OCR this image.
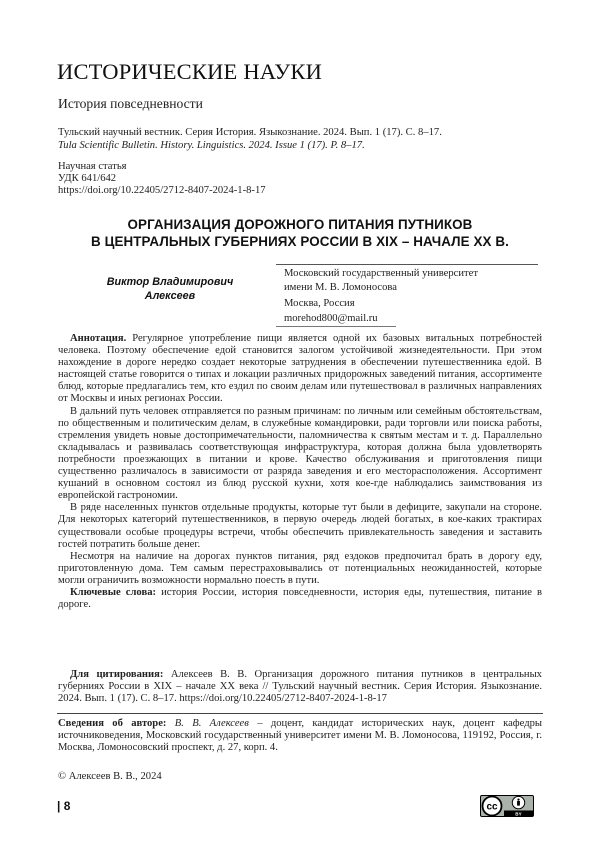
ИСТОРИЧЕСКИЕ НАУКИ
История повседневности
Тульский научный вестник. Серия История. Языкознание. 2024. Вып. 1 (17). С. 8–17.
Tula Scientific Bulletin. History. Linguistics. 2024. Issue 1 (17). P. 8–17.
Научная статья
УДК 641/642
https://doi.org/10.22405/2712-8407-2024-1-8-17
ОРГАНИЗАЦИЯ ДОРОЖНОГО ПИТАНИЯ ПУТНИКОВ
В ЦЕНТРАЛЬНЫХ ГУБЕРНИЯХ РОССИИ В XIX – НАЧАЛЕ XX В.
Виктор Владимирович
Алексеев
Московский государственный университет
имени М. В. Ломоносова
Москва, Россия
morehod800@mail.ru

Аннотация. Регулярное употребление пищи является одной их базовых витальных потребностей человека. Поэтому обеспечение едой становится залогом устойчивой жизнедеятельности. При этом нахождение в дороге нередко создает некоторые затруднения в обеспечении путешественника едой. В настоящей статье говорится о типах и локации различных придорожных заведений питания, ассортименте блюд, которые предлагались тем, кто ездил по своим делам или путешествовал в различных направлениях от Москвы и иных регионах России.

В дальний путь человек отправляется по разным причинам: по личным или семейным обстоятельствам, по общественным и политическим делам, в служебные командировки, ради торговли или поиска работы, стремления увидеть новые достопримечательности, паломничества к святым местам и т. д. Параллельно складывалась и развивалась соответствующая инфраструктура, которая должна была удовлетворять потребности проезжающих в питании и крове. Качество обслуживания и приготовления пищи существенно различалось в зависимости от разряда заведения и его месторасположения. Ассортимент кушаний в основном состоял из блюд русской кухни, хотя кое-где наблюдались заимствования из европейской гастрономии.

В ряде населенных пунктов отдельные продукты, которые тут были в дефиците, закупали на стороне. Для некоторых категорий путешественников, в первую очередь людей богатых, в кое-каких трактирах существовали особые процедуры встречи, чтобы обеспечить привлекательность заведения и заставить гостей потратить больше денег.

Несмотря на наличие на дорогах пунктов питания, ряд ездоков предпочитал брать в дорогу еду, приготовленную дома. Тем самым перестраховывались от потенциальных неожиданностей, которые могли ограничить возможности нормально поесть в пути.

Ключевые слова: история России, история повседневности, история еды, путешествия, питание в дороге.

Для цитирования: Алексеев В. В. Организация дорожного питания путников в центральных губерниях России в XIX – начале XX века // Тульский научный вестник. Серия История. Языкознание. 2024. Вып. 1 (17). С. 8–17. https://doi.org/10.22405/2712-8407-2024-1-8-17
Сведения об авторе: В. В. Алексеев – доцент, кандидат исторических наук, доцент кафедры источниковедения, Московский государственный университет имени М. В. Ломоносова, 119192, Россия, г. Москва, Ломоносовский проспект, д. 27, корп. 4.
© Алексеев В. В., 2024
| 8	cc
BY
